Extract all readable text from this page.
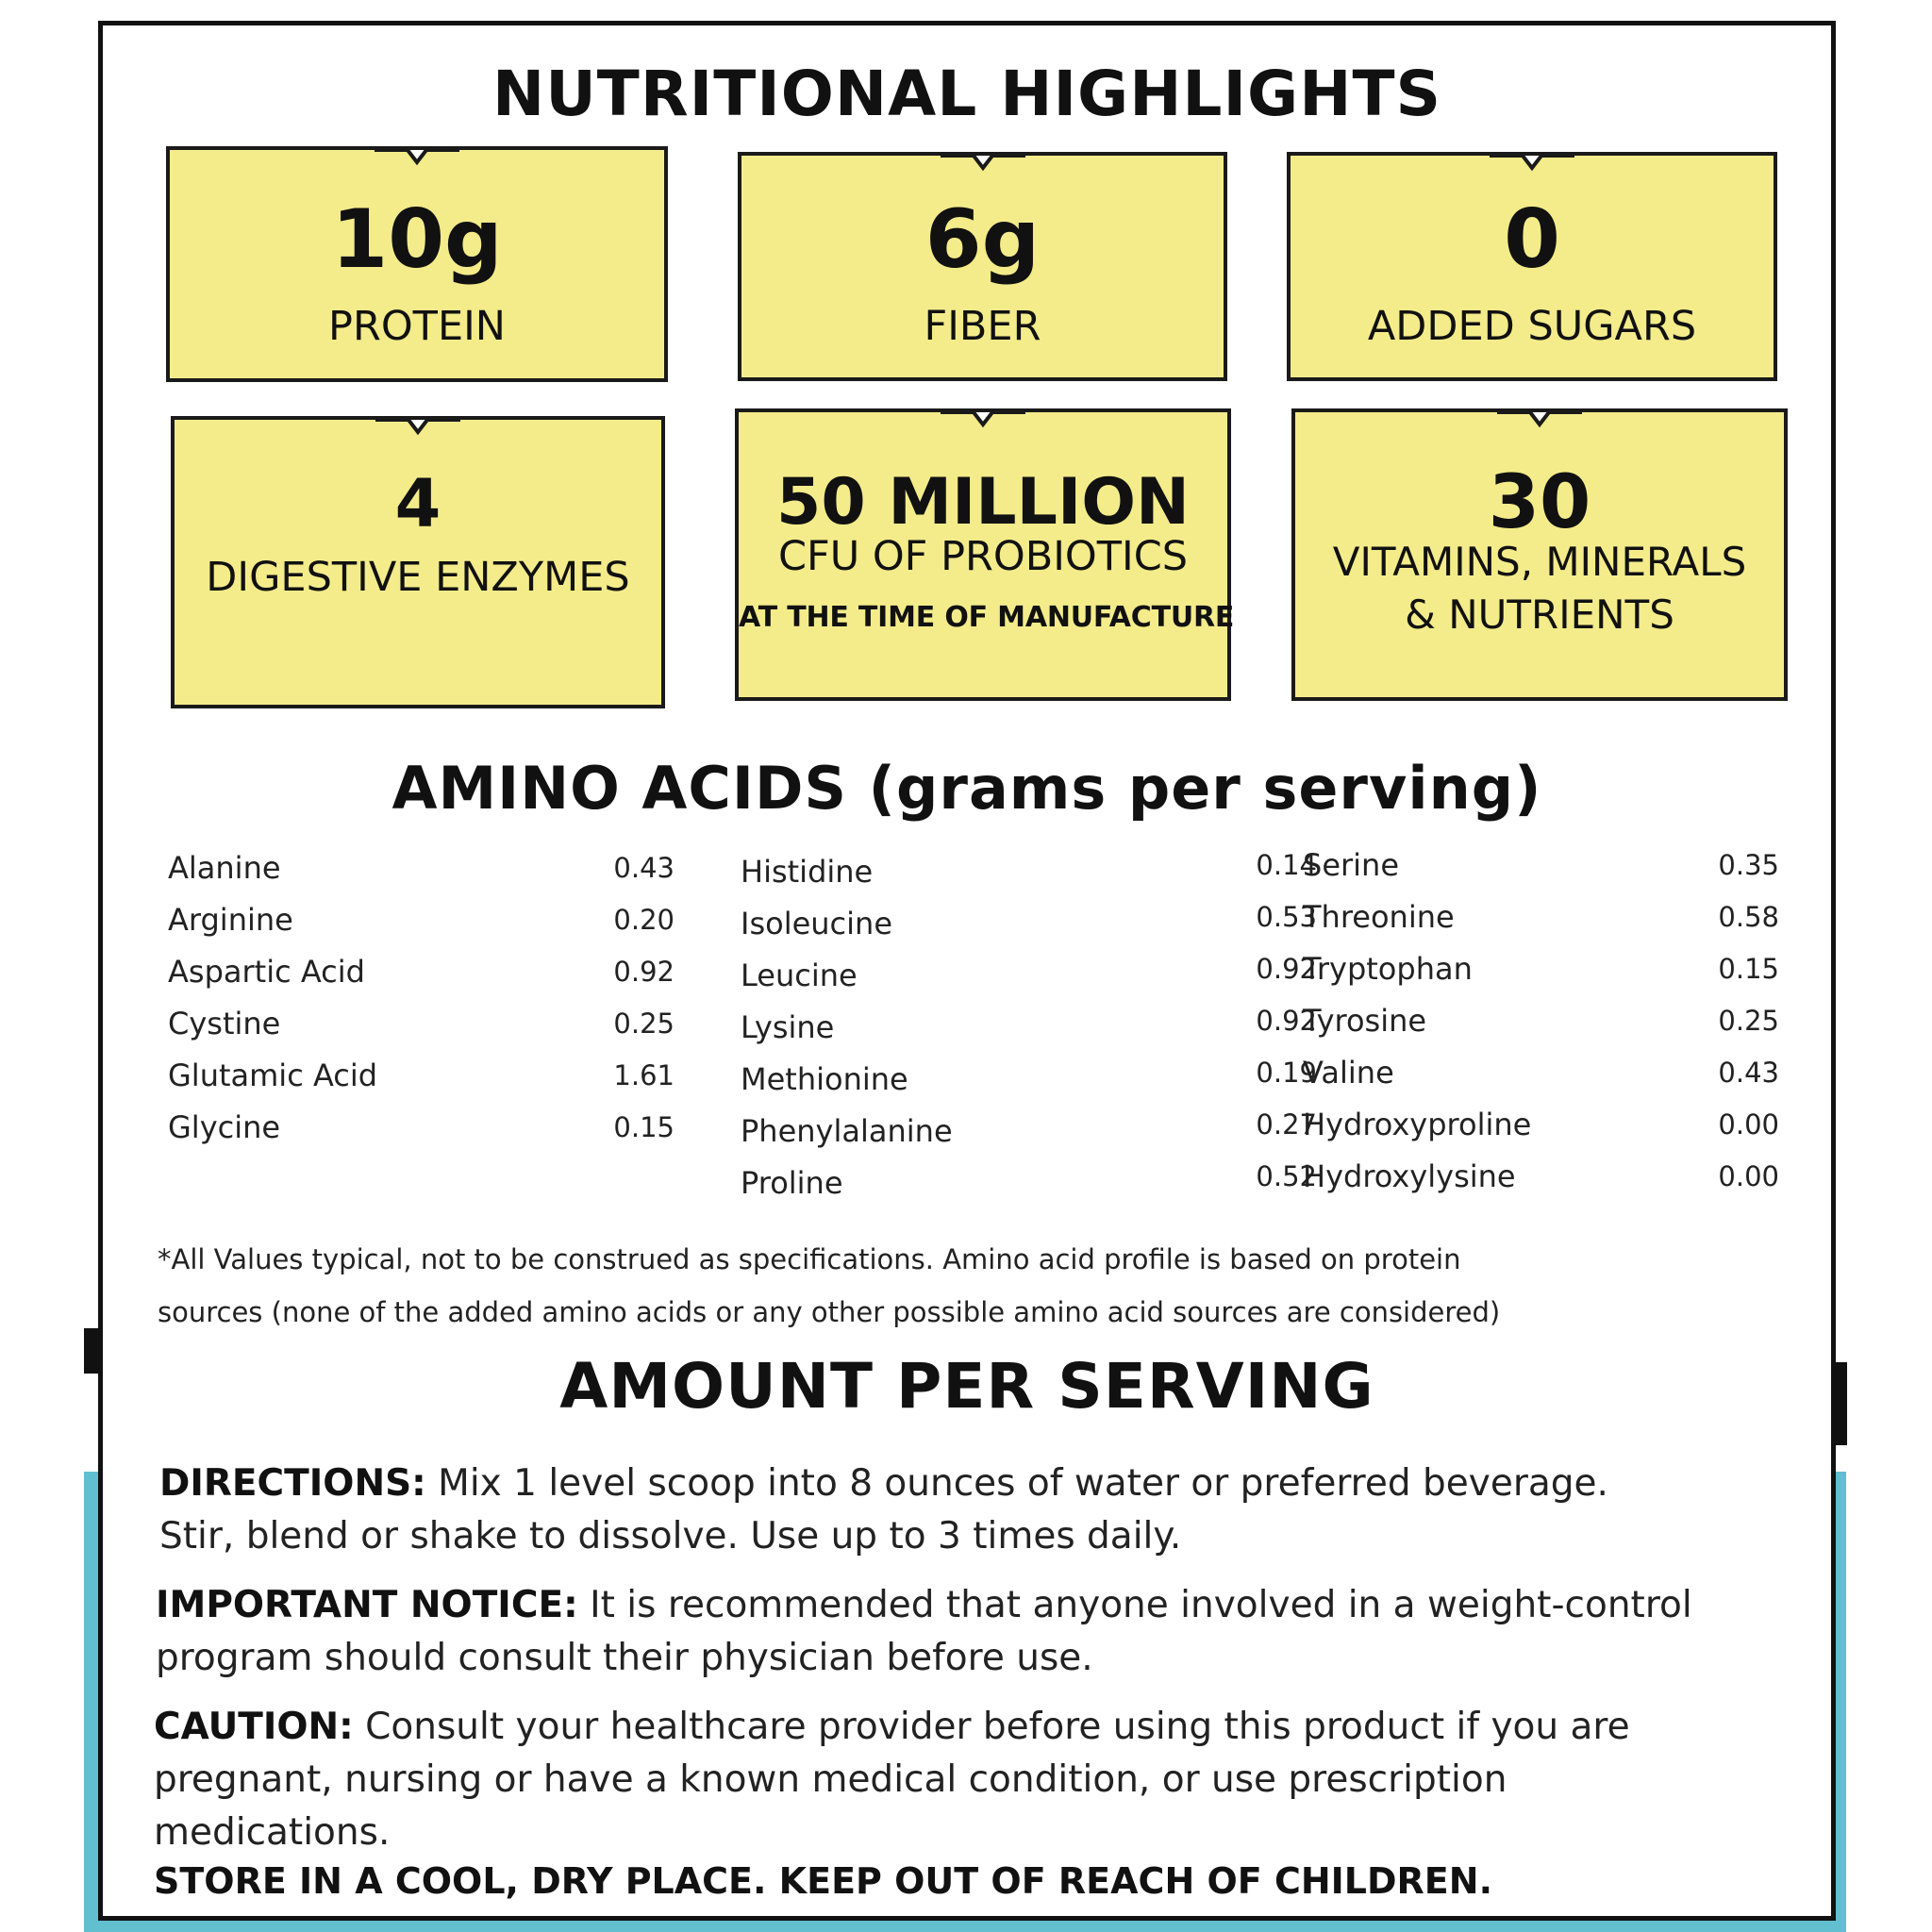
NUTRITIONAL HIGHLIGHTS
10g
PROTEIN
6g
FIBER
0
ADDED SUGARS
4
DIGESTIVE ENZYMES
50 MILLION
CFU OF PROBIOTICS
AT THE TIME OF MANUFACTURE
30
VITAMINS, MINERALS
& NUTRIENTS
AMINO ACIDS (grams per serving)
Alanine	0.43
Arginine	0.20
Aspartic Acid	0.92
Cystine	0.25
Glutamic Acid	1.61
Glycine	0.15
Histidine	0.14
Isoleucine	0.53
Leucine	0.92
Lysine	0.92
Methionine	0.19
Phenylalanine	0.27
Proline	0.52
Serine	0.35
Threonine	0.58
Tryptophan	0.15
Tyrosine	0.25
Valine	0.43
Hydroxyproline	0.00
Hydroxylysine	0.00
*All Values typical, not to be construed as specifications. Amino acid profile is based on protein
sources (none of the added amino acids or any other possible amino acid sources are considered)
AMOUNT PER SERVING
DIRECTIONS: Mix 1 level scoop into 8 ounces of water or preferred beverage.
Stir, blend or shake to dissolve. Use up to 3 times daily.
IMPORTANT NOTICE: It is recommended that anyone involved in a weight-control
program should consult their physician before use.
CAUTION: Consult your healthcare provider before using this product if you are
pregnant, nursing or have a known medical condition, or use prescription
medications.
STORE IN A COOL, DRY PLACE. KEEP OUT OF REACH OF CHILDREN.
